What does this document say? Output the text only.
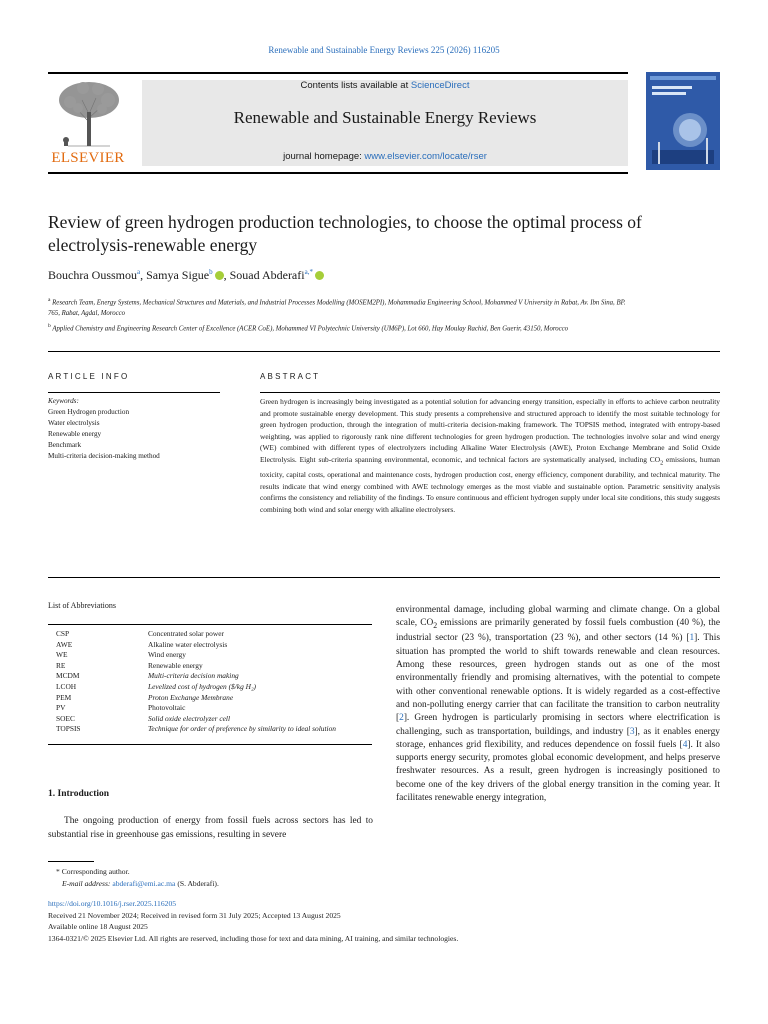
Renewable and Sustainable Energy Reviews 225 (2026) 116205
ELSEVIER
Contents lists available at ScienceDirect
Renewable and Sustainable Energy Reviews
journal homepage: www.elsevier.com/locate/rser
Review of green hydrogen production technologies, to choose the optimal process of electrolysis-renewable energy
Bouchra Oussmou$^a$, Samya Sigue$^b$ , Souad Abderafi$^{a,*}$
$^a$ Research Team, Energy Systems, Mechanical Structures and Materials, and Industrial Processes Modelling (MOSEM2PI), Mohammadia Engineering School, Mohammed V University in Rabat, Av. Ibn Sina, BP. 765, Rabat, Agdal, Morocco
$^b$ Applied Chemistry and Engineering Research Center of Excellence (ACER CoE), Mohammed VI Polytechnic University (UM6P), Lot 660, Hay Moulay Rachid, Ben Guerir, 43150, Morocco
ARTICLE INFO	ABSTRACT
Keywords:
Green Hydrogen production
Water electrolysis
Renewable energy
Benchmark
Multi-criteria decision-making method
Green hydrogen is increasingly being investigated as a potential solution for advancing energy transition, especially in efforts to achieve carbon neutrality and promote sustainable energy development. This study presents a comprehensive and structured approach to identify the most suitable technology for green hydrogen production, through the integration of multi-criteria decision-making framework. The TOPSIS method, integrated with entropy-based weighting, was applied to rigorously rank nine different technologies for green hydrogen production. The technologies involve solar and wind energy (WE) combined with different types of electrolyzers including Alkaline Water Electrolysis (AWE), Proton Exchange Membrane and Solid Oxide Electrolysis. Eight sub-criteria spanning environmental, economic, and technical factors are systematically analysed, including $CO_2$ emissions, human toxicity, capital costs, operational and maintenance costs, hydrogen production cost, energy efficiency, component durability, and technical maturity. The results indicate that wind energy combined with AWE technology emerges as the most viable and sustainable option. Parametric sensitivity analysis confirms the consistency and reliability of the findings. To ensure continuous and efficient hydrogen supply under local site conditions, this study suggests combining both wind and solar energy with alkaline electrolysers.
List of Abbreviations
CSP	Concentrated solar power
AWE	Alkaline water electrolysis
WE	Wind energy
RE	Renewable energy
MCDM	Multi-criteria decision making
LCOH	Levelized cost of hydrogen ($/kg H₂)
PEM	Proton Exchange Membrane
PV	Photovoltaic
SOEC	Solid oxide electrolyzer cell
TOPSIS	Technique for order of preference by similarity to ideal solution
1. Introduction
The ongoing production of energy from fossil fuels across sectors has led to substantial rise in greenhouse gas emissions, resulting in severe
environmental damage, including global warming and climate change. On a global scale, $CO_2$ emissions are primarily generated by fossil fuels combustion (40 %), the industrial sector (23 %), transportation (23 %), and other sectors (14 %) [1]. This situation has prompted the world to shift towards renewable and clean resources. Among these resources, green hydrogen stands out as one of the most environmentally friendly and promising alternatives, with the potential to compete with other conventional renewable options. It is widely regarded as a cost-effective and non-polluting energy carrier that can facilitate the transition to carbon neutrality [2]. Green hydrogen is particularly promising in sectors where electrification is challenging, such as transportation, buildings, and industry [3], as it enables energy storage, enhances grid flexibility, and reduces dependence on fossil fuels [4]. It also supports energy security, promotes global economic development, and helps preserve freshwater resources. As a result, green hydrogen is increasingly positioned to become one of the key drivers of the global energy transition in the coming year. It facilitates renewable energy integration,
* Corresponding author.
E-mail address: abderafi@emi.ac.ma (S. Abderafi).
https://doi.org/10.1016/j.rser.2025.116205
Received 21 November 2024; Received in revised form 31 July 2025; Accepted 13 August 2025
Available online 18 August 2025
1364-0321/© 2025 Elsevier Ltd. All rights are reserved, including those for text and data mining, AI training, and similar technologies.
